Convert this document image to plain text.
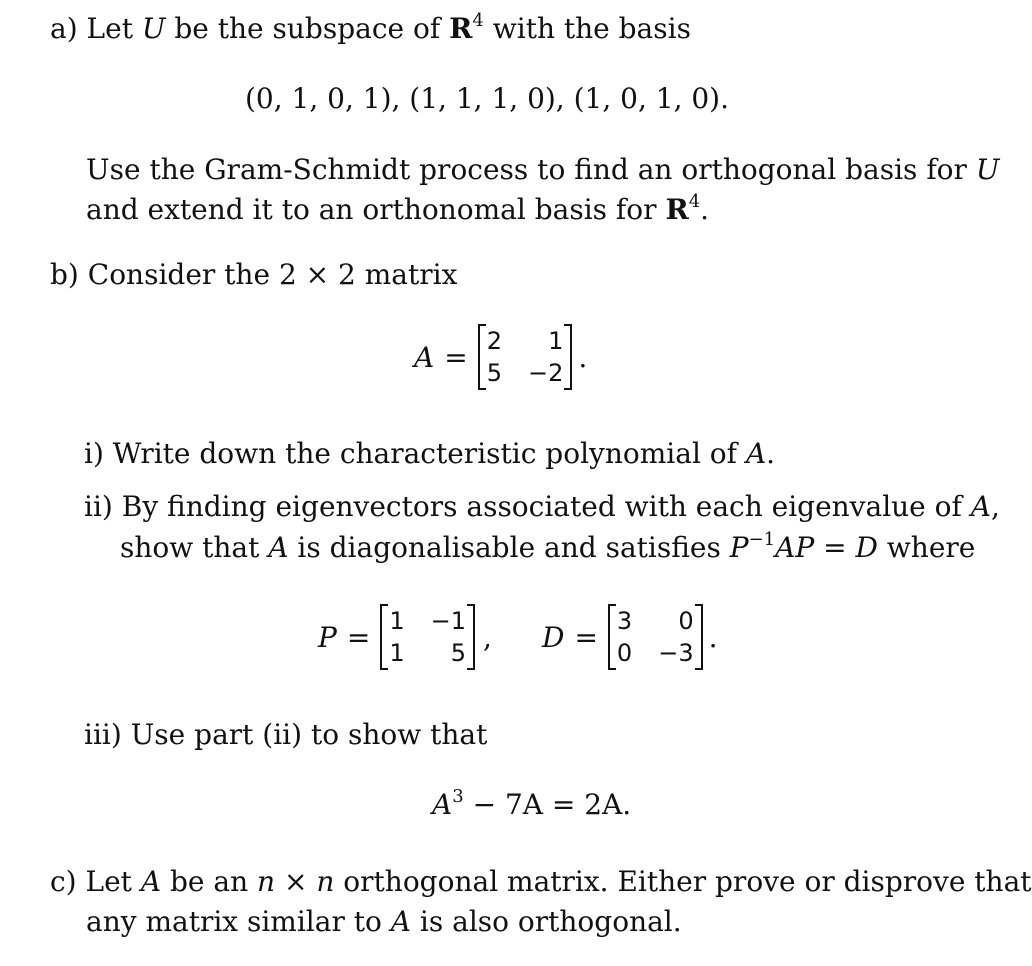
a) Let U be the subspace of $R^4$ with the basis
(0, 1, 0, 1), (1, 1, 1, 0), (1, 0, 1, 0).
Use the Gram-Schmidt process to find an orthogonal basis for U
and extend it to an orthonomal basis for $R^4$.
b) Consider the 2 × 2 matrix
A = 2	1
5 −2 .
i) Write down the characteristic polynomial of A.
ii) By finding eigenvectors associated with each eigenvalue of A,
show that A is diagonalisable and satisfies $P^{-1}AP = D$ where
P = 1 −1
1	5 , D = 3	0
0 −3 .
iii) Use part (ii) to show that
$A^3 - 7A = 2A$.
c) Let A be an n × n orthogonal matrix. Either prove or disprove that
any matrix similar to A is also orthogonal.
